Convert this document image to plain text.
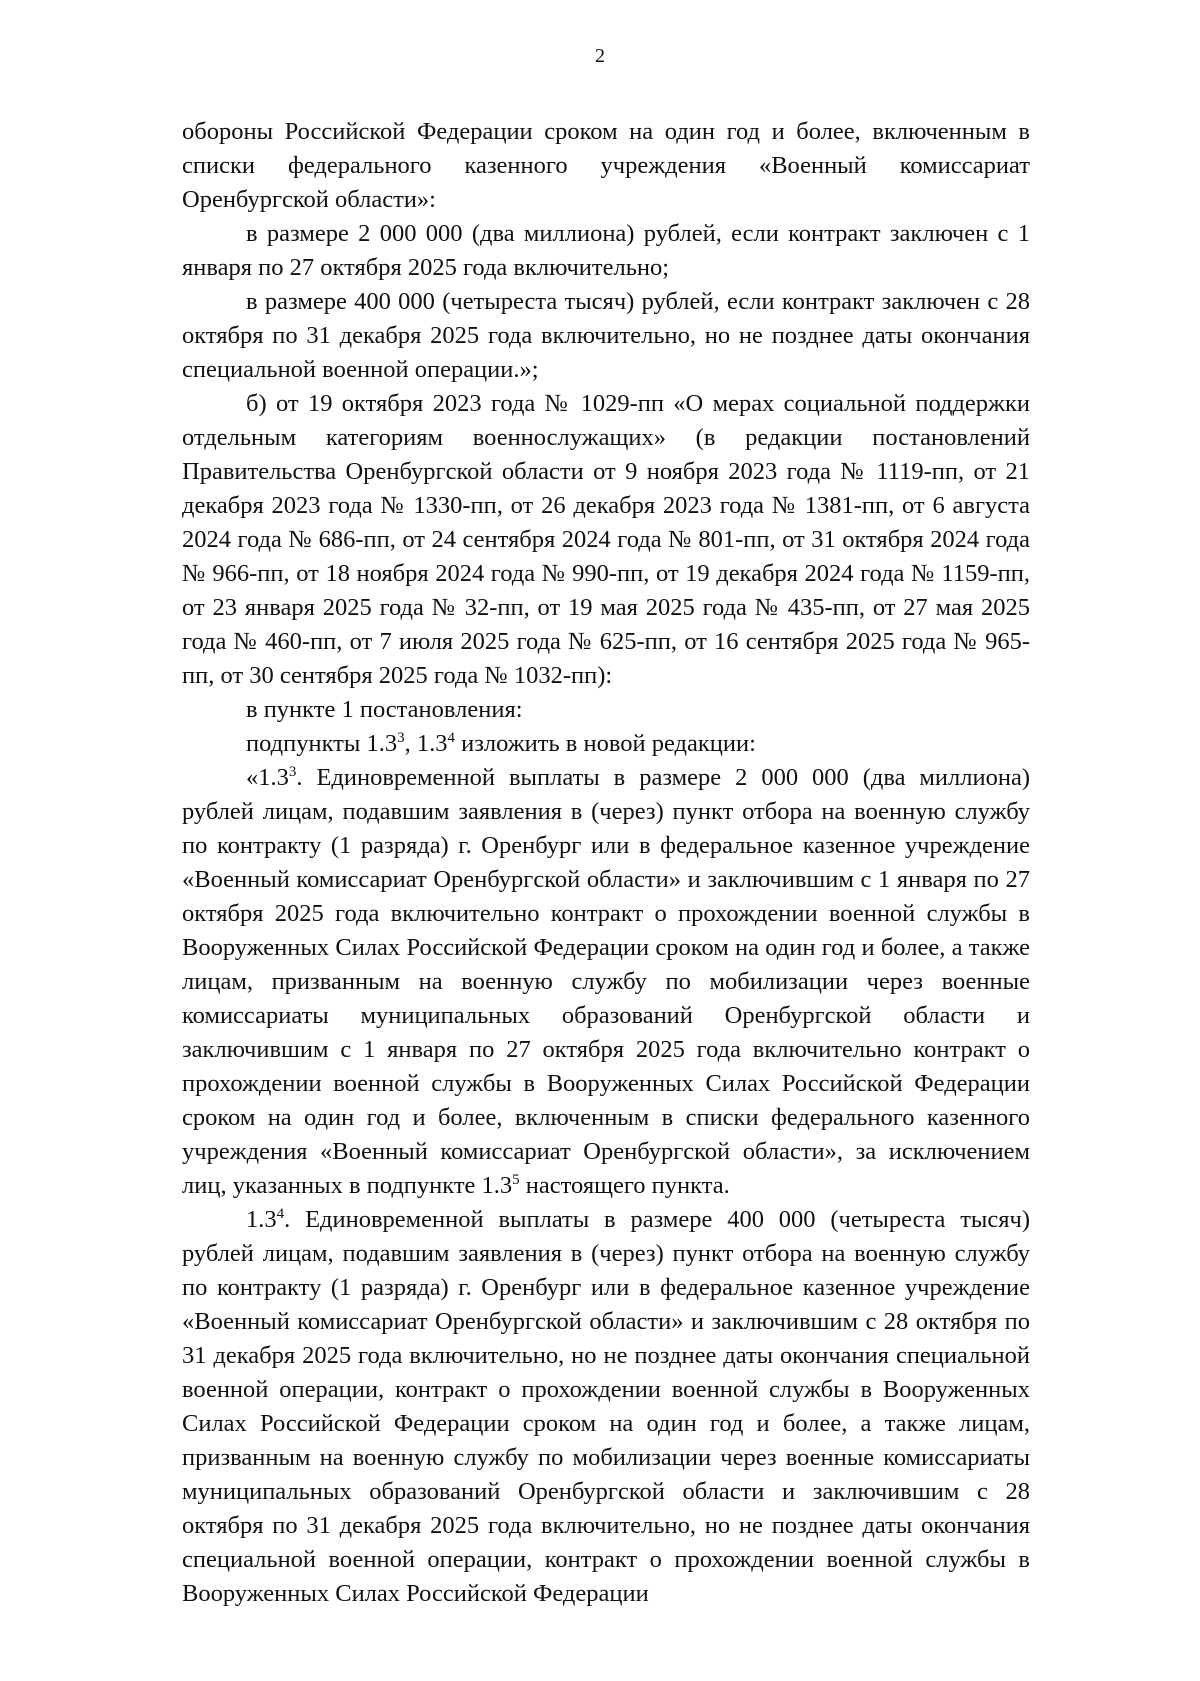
2

обороны Российской Федерации сроком на один год и более, включенным в списки федерального казенного учреждения «Военный комиссариат Оренбургской области»:

в размере 2 000 000 (два миллиона) рублей, если контракт заключен с 1 января по 27 октября 2025 года включительно;

в размере 400 000 (четыреста тысяч) рублей, если контракт заключен с 28 октября по 31 декабря 2025 года включительно, но не позднее даты окончания специальной военной операции.»;

б) от 19 октября 2023 года № 1029-пп «О мерах социальной поддержки отдельным категориям военнослужащих» (в редакции постановлений Правительства Оренбургской области от 9 ноября 2023 года № 1119-пп, от 21 декабря 2023 года № 1330-пп, от 26 декабря 2023 года № 1381-пп, от 6 августа 2024 года № 686-пп, от 24 сентября 2024 года № 801-пп, от 31 октября 2024 года № 966-пп, от 18 ноября 2024 года № 990-пп, от 19 декабря 2024 года № 1159-пп, от 23 января 2025 года № 32-пп, от 19 мая 2025 года № 435-пп, от 27 мая 2025 года № 460-пп, от 7 июля 2025 года № 625-пп, от 16 сентября 2025 года № 965-пп, от 30 сентября 2025 года № 1032-пп):

в пункте 1 постановления:

подпункты $1.3^3$, $1.3^4$ изложить в новой редакции:

«$1.3^3$. Единовременной выплаты в размере 2 000 000 (два миллиона) рублей лицам, подавшим заявления в (через) пункт отбора на военную службу по контракту (1 разряда) г. Оренбург или в федеральное казенное учреждение «Военный комиссариат Оренбургской области» и заключившим с 1 января по 27 октября 2025 года включительно контракт о прохождении военной службы в Вооруженных Силах Российской Федерации сроком на один год и более, а также лицам, призванным на военную службу по мобилизации через военные комиссариаты муниципальных образований Оренбургской области и заключившим с 1 января по 27 октября 2025 года включительно контракт о прохождении военной службы в Вооруженных Силах Российской Федерации сроком на один год и более, включенным в списки федерального казенного учреждения «Военный комиссариат Оренбургской области», за исключением лиц, указанных в подпункте $1.3^5$ настоящего пункта.

$1.3^4$. Единовременной выплаты в размере 400 000 (четыреста тысяч) рублей лицам, подавшим заявления в (через) пункт отбора на военную службу по контракту (1 разряда) г. Оренбург или в федеральное казенное учреждение «Военный комиссариат Оренбургской области» и заключившим с 28 октября по 31 декабря 2025 года включительно, но не позднее даты окончания специальной военной операции, контракт о прохождении военной службы в Вооруженных Силах Российской Федерации сроком на один год и более, а также лицам, призванным на военную службу по мобилизации через военные комиссариаты муниципальных образований Оренбургской области и заключившим с 28 октября по 31 декабря 2025 года включительно, но не позднее даты окончания специальной военной операции, контракт о прохождении военной службы в Вооруженных Силах Российской Федерации
